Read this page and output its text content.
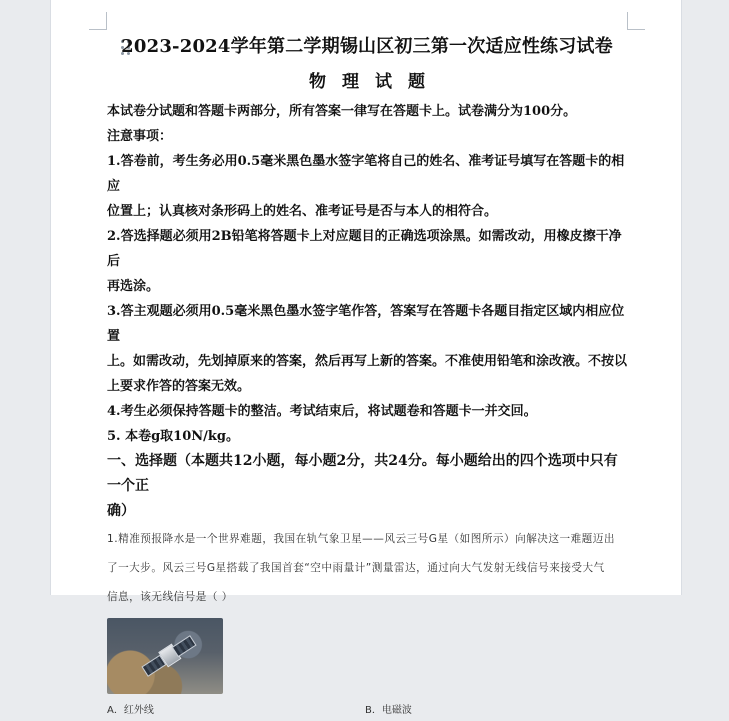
2023-2024学年第二学期锡山区初三第一次适应性练习试卷
物理试题

本试卷分试题和答题卡两部分，所有答案一律写在答题卡上。试卷满分为100分。

注意事项：

1.答卷前，考生务必用0.5毫米黑色墨水签字笔将自己的姓名、准考证号填写在答题卡的相应

位置上；认真核对条形码上的姓名、准考证号是否与本人的相符合。

2.答选择题必须用2B铅笔将答题卡上对应题目的正确选项涂黑。如需改动，用橡皮擦干净后

再选涂。

3.答主观题必须用0.5毫米黑色墨水签字笔作答，答案写在答题卡各题目指定区域内相应位置

上。如需改动，先划掉原来的答案，然后再写上新的答案。不准使用铅笔和涂改液。不按以

上要求作答的答案无效。

4.考生必须保持答题卡的整洁。考试结束后，将试题卷和答题卡一并交回。

5. 本卷g取10N/kg。

一、选择题（本题共12小题，每小题2分，共24分。每小题给出的四个选项中只有一个正

确）

1.精准预报降水是一个世界难题，我国在轨气象卫星——风云三号G星（如图所示）向解决这一难题迈出

了一大步。风云三号G星搭载了我国首套“空中雨量计”测量雷达，通过向大气发射无线信号来接受大气

信息，该无线信号是（ ）

A．红外线	B．电磁波
